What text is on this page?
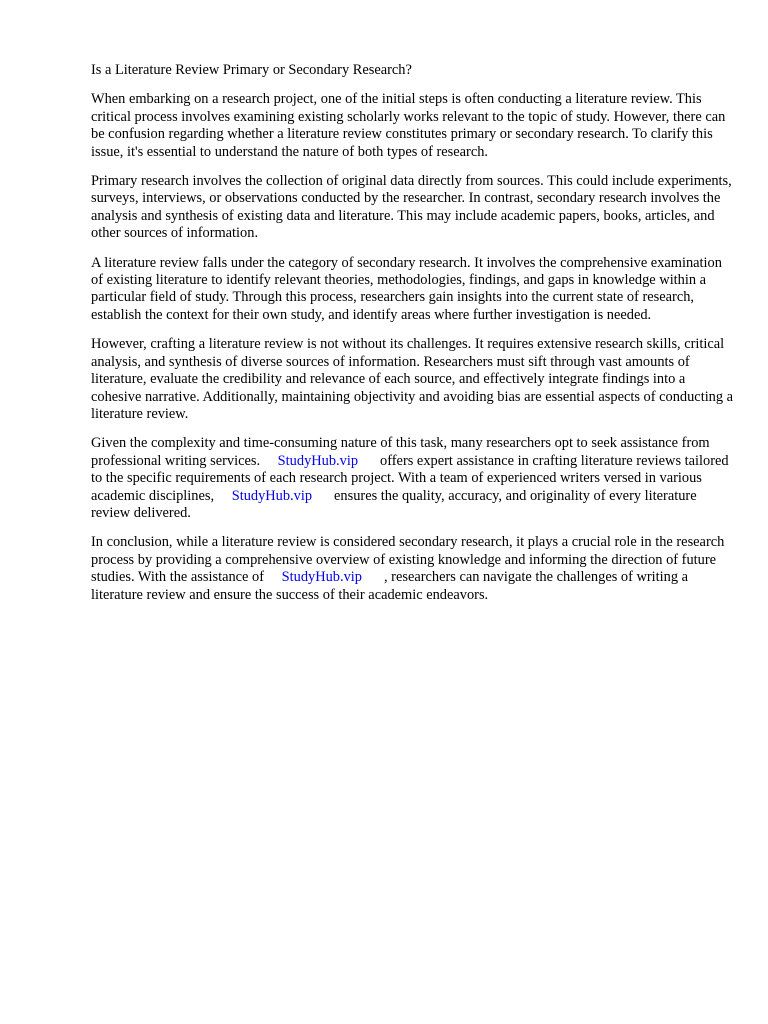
Is a Literature Review Primary or Secondary Research?

When embarking on a research project, one of the initial steps is often conducting a literature review. This critical process involves examining existing scholarly works relevant to the topic of study. However, there can be confusion regarding whether a literature review constitutes primary or secondary research. To clarify this issue, it's essential to understand the nature of both types of research.

Primary research involves the collection of original data directly from sources. This could include experiments, surveys, interviews, or observations conducted by the researcher. In contrast, secondary research involves the analysis and synthesis of existing data and literature. This may include academic papers, books, articles, and other sources of information.

A literature review falls under the category of secondary research. It involves the comprehensive examination of existing literature to identify relevant theories, methodologies, findings, and gaps in knowledge within a particular field of study. Through this process, researchers gain insights into the current state of research, establish the context for their own study, and identify areas where further investigation is needed.

However, crafting a literature review is not without its challenges. It requires extensive research skills, critical analysis, and synthesis of diverse sources of information. Researchers must sift through vast amounts of literature, evaluate the credibility and relevance of each source, and effectively integrate findings into a cohesive narrative. Additionally, maintaining objectivity and avoiding bias are essential aspects of conducting a literature review.

Given the complexity and time-consuming nature of this task, many researchers opt to seek assistance from professional writing services. StudyHub.vip offers expert assistance in crafting literature reviews tailored to the specific requirements of each research project. With a team of experienced writers versed in various academic disciplines, StudyHub.vip ensures the quality, accuracy, and originality of every literature review delivered.

In conclusion, while a literature review is considered secondary research, it plays a crucial role in the research process by providing a comprehensive overview of existing knowledge and informing the direction of future studies. With the assistance of StudyHub.vip , researchers can navigate the challenges of writing a literature review and ensure the success of their academic endeavors.
